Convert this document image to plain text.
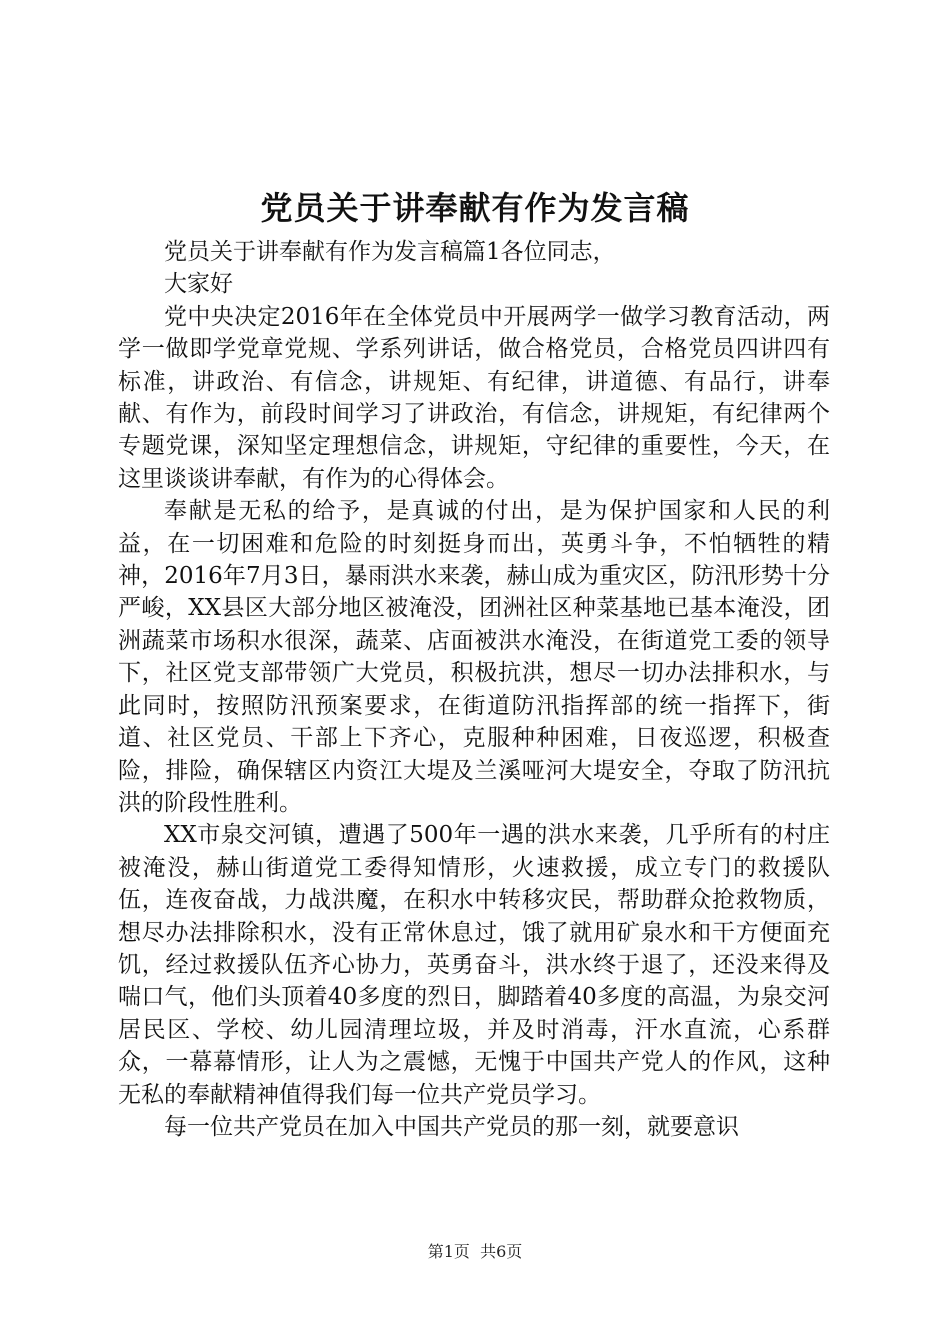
党员关于讲奉献有作为发言稿

党员关于讲奉献有作为发言稿篇1各位同志，

大家好

党中央决定2016年在全体党员中开展两学一做学习教育活动，两学一做即学党章党规、学系列讲话，做合格党员，合格党员四讲四有标准，讲政治、有信念，讲规矩、有纪律，讲道德、有品行，讲奉献、有作为，前段时间学习了讲政治，有信念，讲规矩，有纪律两个专题党课，深知坚定理想信念，讲规矩，守纪律的重要性，今天，在这里谈谈讲奉献，有作为的心得体会。

奉献是无私的给予，是真诚的付出，是为保护国家和人民的利益，在一切困难和危险的时刻挺身而出，英勇斗争，不怕牺牲的精神，2016年7月3日，暴雨洪水来袭，赫山成为重灾区，防汛形势十分严峻，XX县区大部分地区被淹没，团洲社区种菜基地已基本淹没，团洲蔬菜市场积水很深，蔬菜、店面被洪水淹没，在街道党工委的领导下，社区党支部带领广大党员，积极抗洪，想尽一切办法排积水，与此同时，按照防汛预案要求，在街道防汛指挥部的统一指挥下，街道、社区党员、干部上下齐心，克服种种困难，日夜巡逻，积极查险，排险，确保辖区内资江大堤及兰溪哑河大堤安全，夺取了防汛抗洪的阶段性胜利。

XX市泉交河镇，遭遇了500年一遇的洪水来袭，几乎所有的村庄被淹没，赫山街道党工委得知情形，火速救援，成立专门的救援队伍，连夜奋战，力战洪魔，在积水中转移灾民，帮助群众抢救物质，想尽办法排除积水，没有正常休息过，饿了就用矿泉水和干方便面充饥，经过救援队伍齐心协力，英勇奋斗，洪水终于退了，还没来得及喘口气，他们头顶着40多度的烈日，脚踏着40多度的高温，为泉交河居民区、学校、幼儿园清理垃圾，并及时消毒，汗水直流，心系群众，一幕幕情形，让人为之震憾，无愧于中国共产党人的作风，这种无私的奉献精神值得我们每一位共产党员学习。

每一位共产党员在加入中国共产党员的那一刻，就要意识

第1页  共6页
